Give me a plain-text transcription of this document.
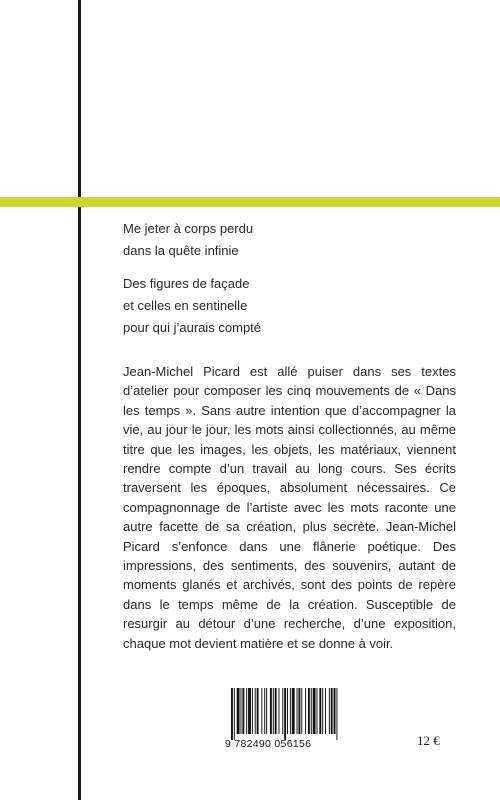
Me jeter à corps perdu
dans la quête infinie
Des figures de façade
et celles en sentinelle
pour qui j’aurais compté
Jean-Michel Picard est allé puiser dans ses textes d’atelier pour composer les cinq mouvements de « Dans les temps ». Sans autre intention que d’accompagner la vie, au jour le jour, les mots ainsi collectionnés, au même titre que les images, les objets, les matériaux, viennent rendre compte d’un travail au long cours. Ses écrits traversent les époques, absolument nécessaires. Ce compagnonnage de l’artiste avec les mots raconte une autre facette de sa création, plus secrète. Jean-Michel Picard s’enfonce dans une flânerie poétique. Des impressions, des sentiments, des souvenirs, autant de moments glanés et archivés, sont des points de repère dans le temps même de la création. Susceptible de resurgir au détour d’une recherche, d’une exposition, chaque mot devient matière et se donne à voir.
9 782490 056156	12 €
